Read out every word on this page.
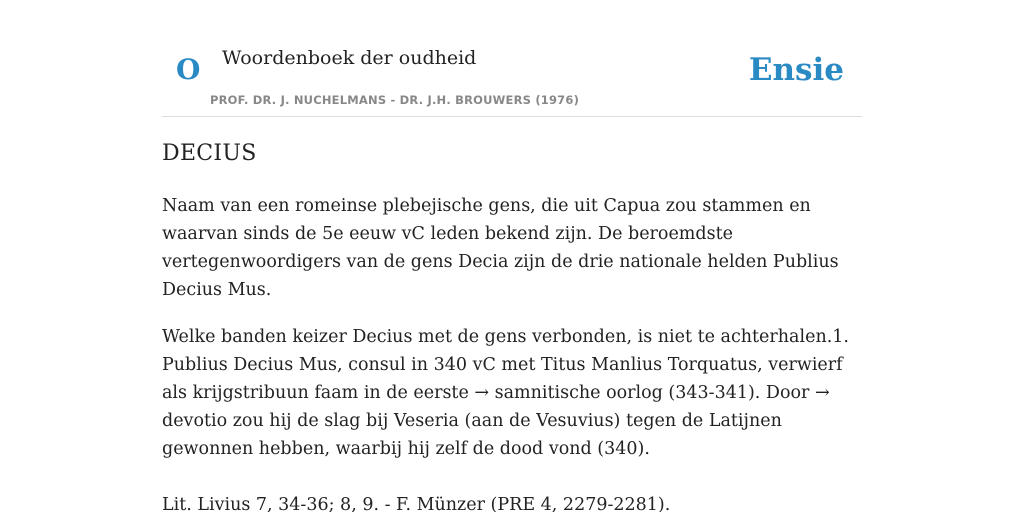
O Woordenboek der oudheid
PROF. DR. J. NUCHELMANS - DR. J.H. BROUWERS (1976)
Ensie
DECIUS

Naam van een romeinse plebejische gens, die uit Capua zou stammen en waarvan sinds de 5e eeuw vC leden bekend zijn. De beroemdste vertegenwoordigers van de gens Decia zijn de drie nationale helden Publius Decius Mus.

Welke banden keizer Decius met de gens verbonden, is niet te achterhalen.1. Publius Decius Mus, consul in 340 vC met Titus Manlius Torquatus, verwierf als krijgstribuun faam in de eerste → samnitische oorlog (343-341). Door → devotio zou hij de slag bij Veseria (aan de Vesuvius) tegen de Latijnen gewonnen hebben, waarbij hij zelf de dood vond (340).

Lit. Livius 7, 34-36; 8, 9. - F. Münzer (PRE 4, 2279-2281).
